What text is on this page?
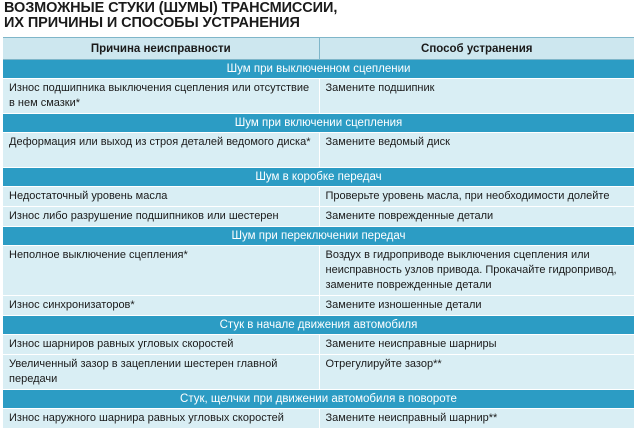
ВОЗМОЖНЫЕ СТУКИ (ШУМЫ) ТРАНСМИССИИ,
ИХ ПРИЧИНЫ И СПОСОБЫ УСТРАНЕНИЯ
Причина неисправности	Способ устранения
Шум при выключенном сцеплении	
Износ подшипника выключения сцепления или отсутствие в нем смазки*	Замените подшипник
Шум при включении сцепления	
Деформация или выход из строя деталей ведомого диска*	Замените ведомый диск
Шум в коробке передач	
Недостаточный уровень масла	Проверьте уровень масла, при необходимости долейте
Износ либо разрушение подшипников или шестерен	Замените поврежденные детали
Шум при переключении передач	
Неполное выключение сцепления*	Воздух в гидроприводе выключения сцепления или неисправность узлов привода. Прокачайте гидропривод, замените поврежденные детали
Износ синхронизаторов*	Замените изношенные детали
Стук в начале движения автомобиля	
Износ шарниров равных угловых скоростей	Замените неисправные шарниры
Увеличенный зазор в зацеплении шестерен главной передачи	Отрегулируйте зазор**
Стук, щелчки при движении автомобиля в повороте	
Износ наружного шарнира равных угловых скоростей	Замените неисправный шарнир**
